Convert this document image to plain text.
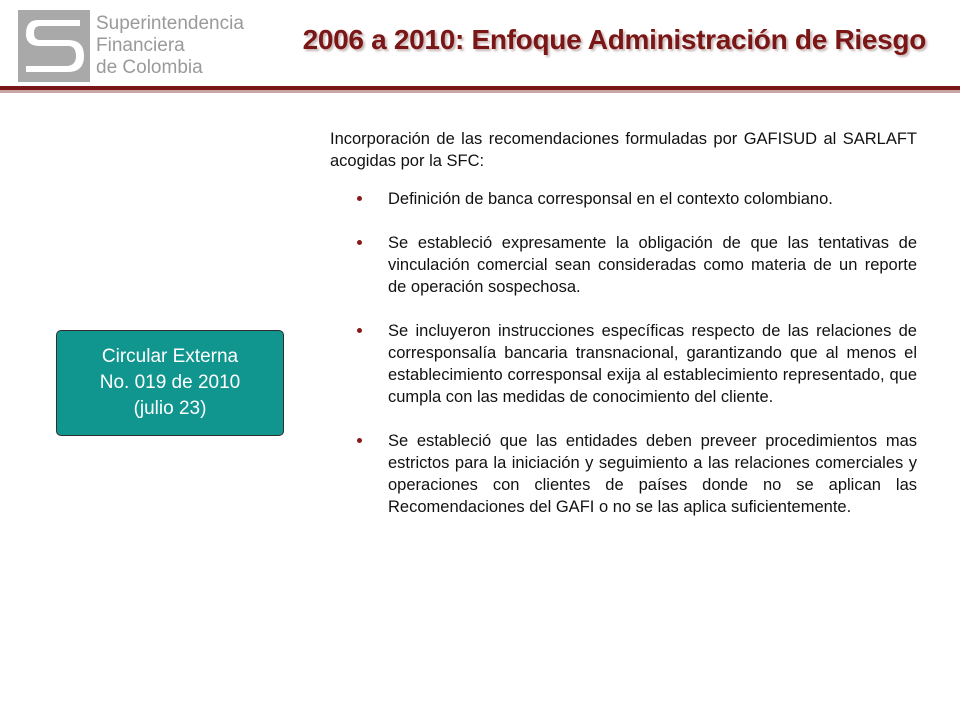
Superintendencia
Financiera
de Colombia
2006 a 2010: Enfoque Administración de Riesgo
Circular Externa
No. 019 de 2010
(julio 23)

Incorporación de las recomendaciones formuladas por GAFISUD al SARLAFT acogidas por la SFC:

Definición de banca corresponsal en el contexto colombiano.
Se estableció expresamente la obligación de que las tentativas de vinculación comercial sean consideradas como materia de un reporte de operación sospechosa.
Se incluyeron instrucciones específicas respecto de las relaciones de corresponsalía bancaria transnacional, garantizando que al menos el establecimiento corresponsal exija al establecimiento representado, que cumpla con las medidas de conocimiento del cliente.
Se estableció que las entidades deben preveer procedimientos mas estrictos para la iniciación y seguimiento a las relaciones comerciales y operaciones con clientes de países donde no se aplican las Recomendaciones del GAFI o no se las aplica suficientemente.
